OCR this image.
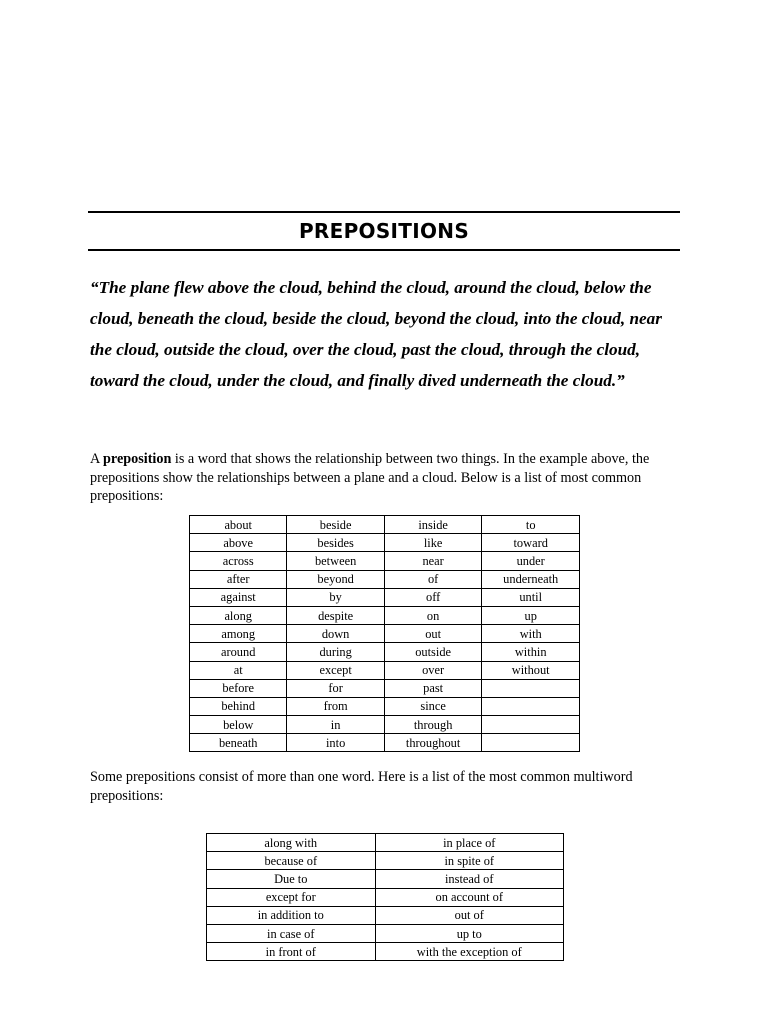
PREPOSITIONS
“The plane flew above the cloud, behind the cloud, around the cloud, below the cloud, beneath the cloud, beside the cloud, beyond the cloud, into the cloud, near the cloud, outside the cloud, over the cloud, past the cloud, through the cloud, toward the cloud, under the cloud, and finally dived underneath the cloud.”
A preposition is a word that shows the relationship between two things. In the example above, the prepositions show the relationships between a plane and a cloud. Below is a list of most common prepositions:
about	beside	inside	to
above	besides	like	toward
across	between	near	under
after	beyond	of	underneath
against	by	off	until
along	despite	on	up
among	down	out	with
around	during	outside	within
at	except	over	without
before	for	past	
behind	from	since	
below	in	through	
beneath	into	throughout	
Some prepositions consist of more than one word. Here is a list of the most common multiword prepositions:
along with	in place of
because of	in spite of
Due to	instead of
except for	on account of
in addition to	out of
in case of	up to
in front of	with the exception of
